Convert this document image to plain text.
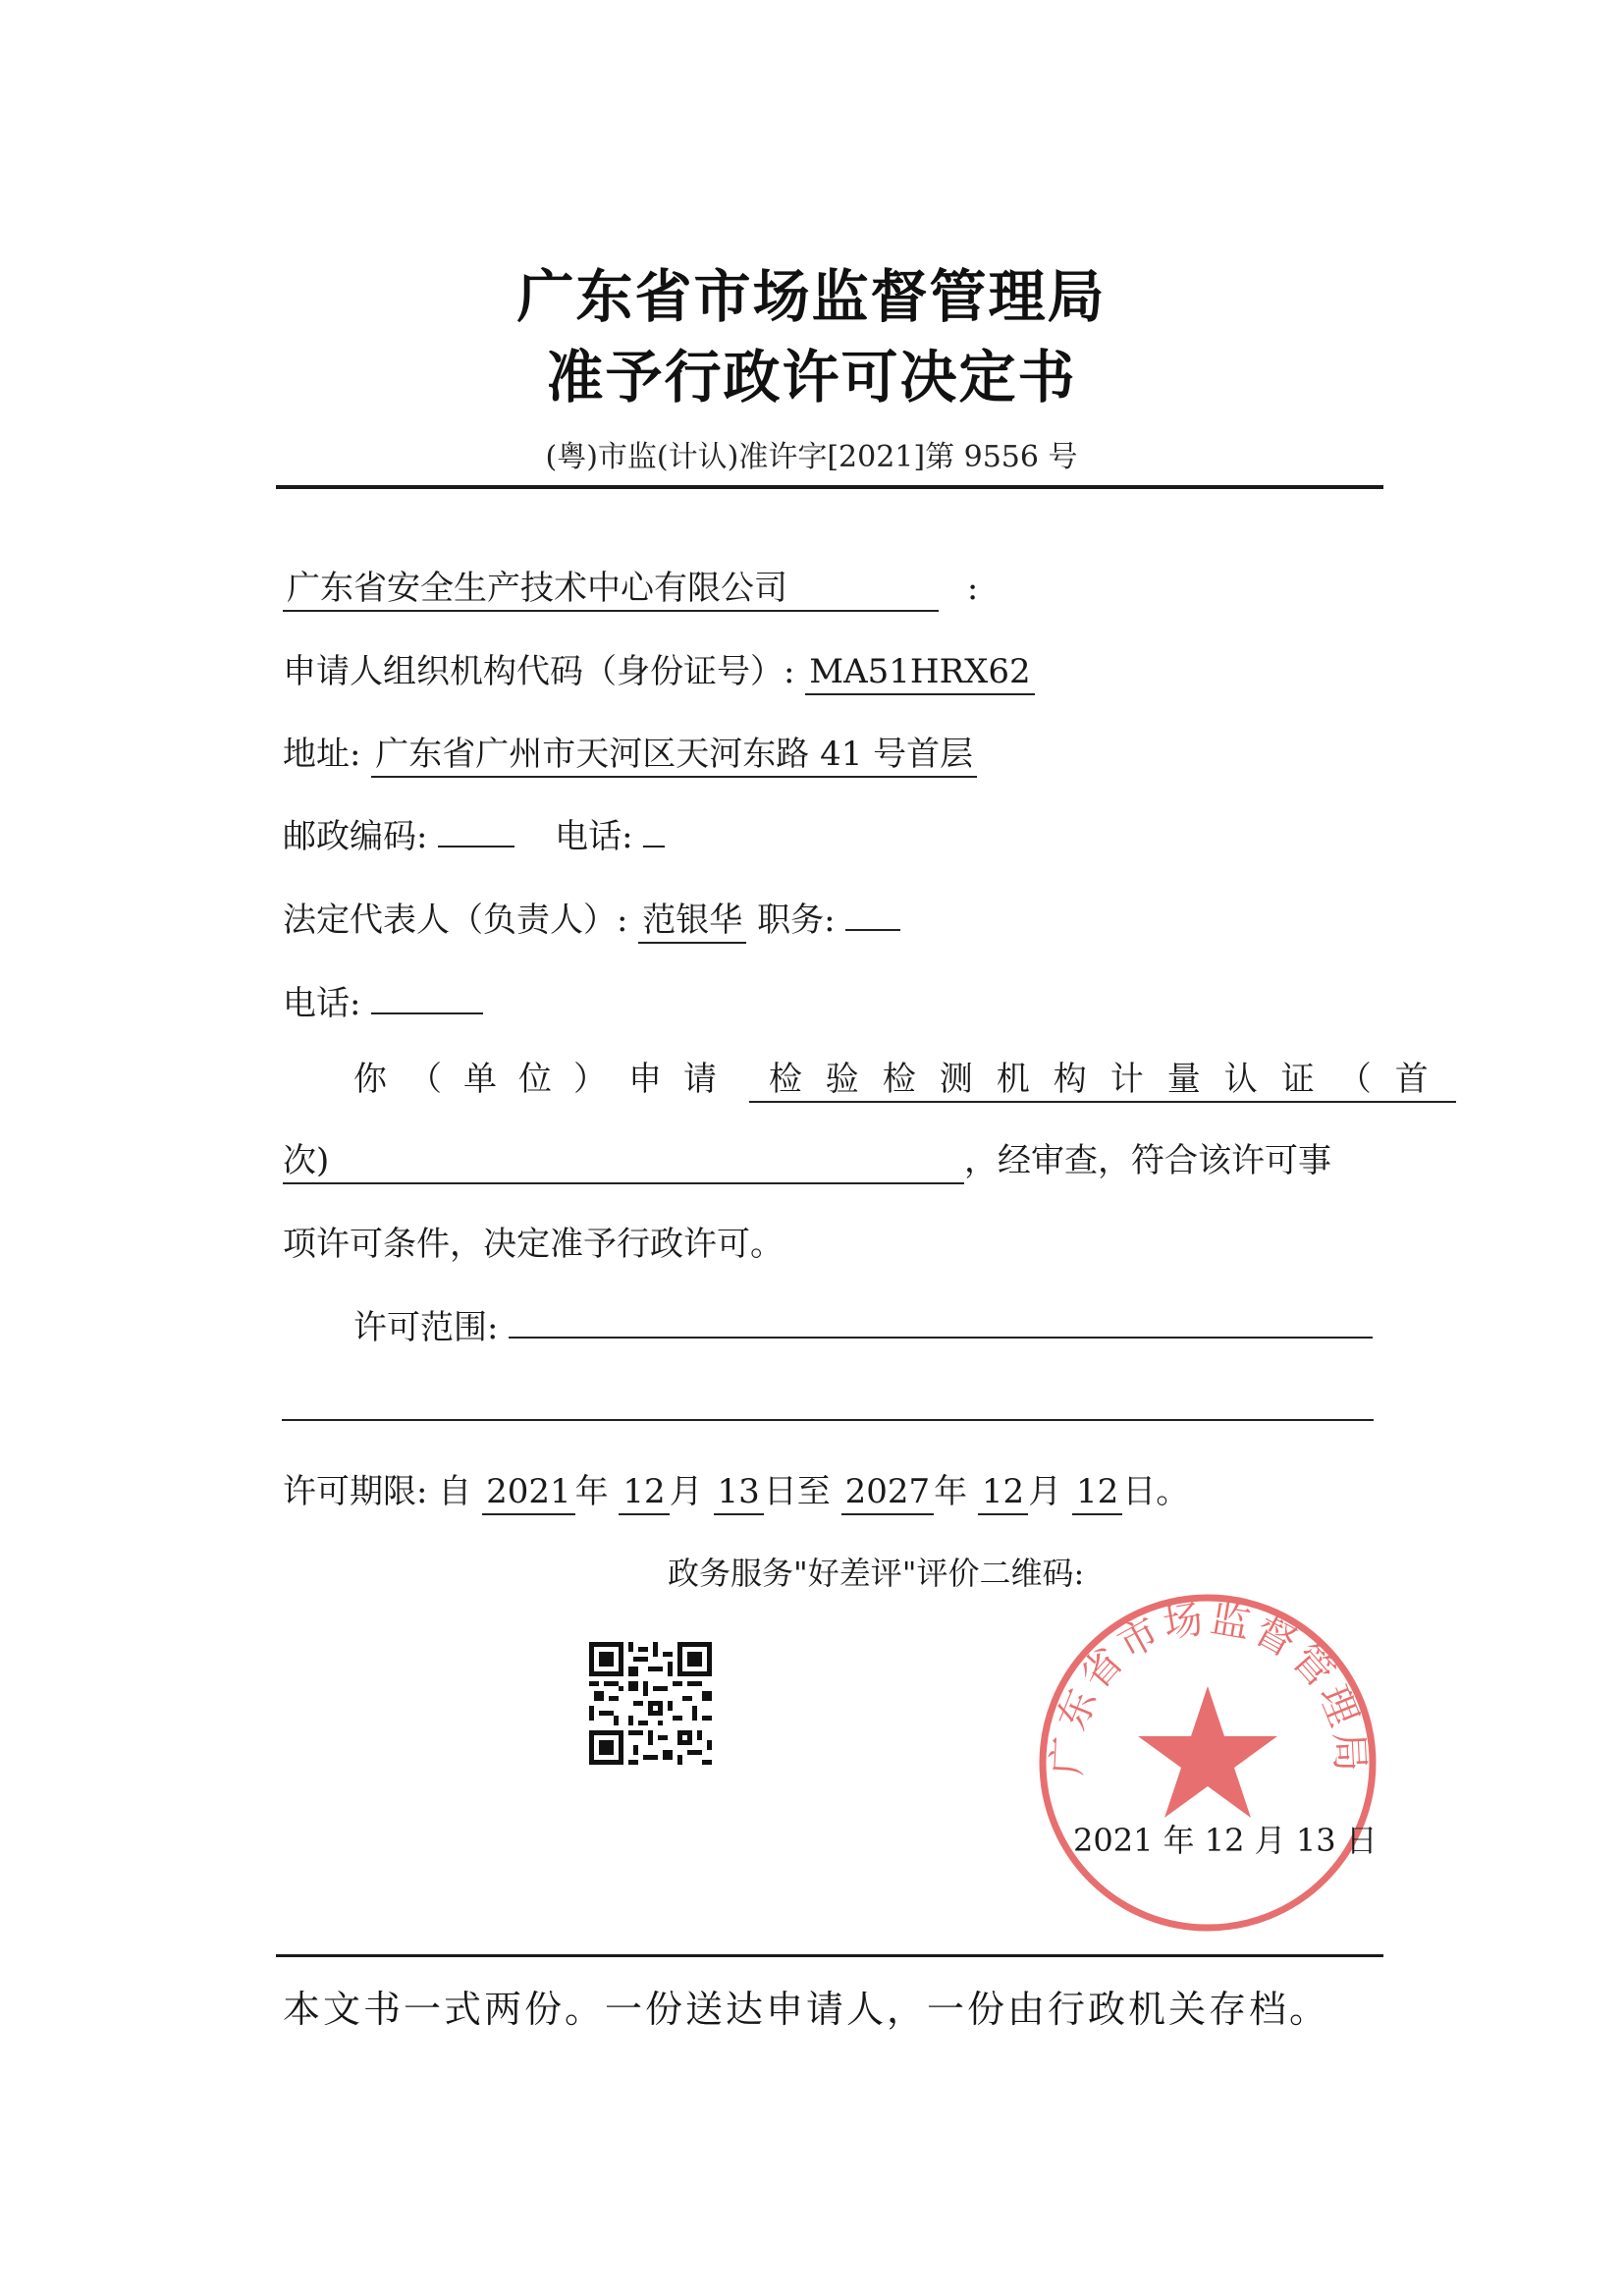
广东省市场监督管理局
准予行政许可决定书
(粤)市监(计认)准许字[2021]第 9556 号
广东省安全生产技术中心有限公司	:
申请人组织机构代码（身份证号）: MA51HRX62
地址: 广东省广州市天河区天河东路 41 号首层
邮政编码:	电话:
法定代表人（负责人）: 范银华 职务:
电话:
你（单位）申请 检验检测机构计量认证（首
次)	，经审查，符合该许可事
项许可条件，决定准予行政许可。
许可范围:
许可期限: 自 2021 年 12 月 13 日至 2027 年 12 月 12 日。
政务服务"好差评"评价二维码:
广东省市场监督管理局
2021 年 12 月 13 日
本文书一式两份。一份送达申请人，一份由行政机关存档。
